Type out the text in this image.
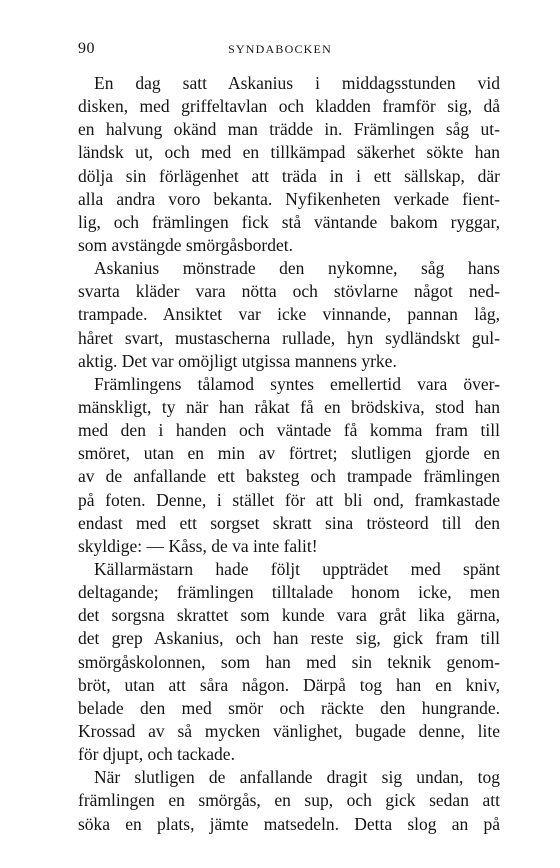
90	SYNDABOCKEN
En dag satt Askanius i middagsstunden vid
disken, med griffeltavlan och kladden framför sig, då
en halvung okänd man trädde in. Främlingen såg ut-
ländsk ut, och med en tillkämpad säkerhet sökte han
dölja sin förlägenhet att träda in i ett sällskap, där
alla andra voro bekanta. Nyfikenheten verkade fient-
lig, och främlingen fick stå väntande bakom ryggar,
som avstängde smörgåsbordet.
Askanius mönstrade den nykomne, såg hans
svarta kläder vara nötta och stövlarne något ned-
trampade. Ansiktet var icke vinnande, pannan låg,
håret svart, mustascherna rullade, hyn sydländskt gul-
aktig. Det var omöjligt utgissa mannens yrke.
Främlingens tålamod syntes emellertid vara över-
mänskligt, ty när han råkat få en brödskiva, stod han
med den i handen och väntade få komma fram till
smöret, utan en min av förtret; slutligen gjorde en
av de anfallande ett baksteg och trampade främlingen
på foten. Denne, i stället för att bli ond, framkastade
endast med ett sorgset skratt sina trösteord till den
skyldige: — Kåss, de va inte falit!
Källarmästarn hade följt uppträdet med spänt
deltagande; främlingen tilltalade honom icke, men
det sorgsna skrattet som kunde vara gråt lika gärna,
det grep Askanius, och han reste sig, gick fram till
smörgåskolonnen, som han med sin teknik genom-
bröt, utan att såra någon. Därpå tog han en kniv,
belade den med smör och räckte den hungrande.
Krossad av så mycken vänlighet, bugade denne, lite
för djupt, och tackade.
När slutligen de anfallande dragit sig undan, tog
främlingen en smörgås, en sup, och gick sedan att
söka en plats, jämte matsedeln. Detta slog an på
